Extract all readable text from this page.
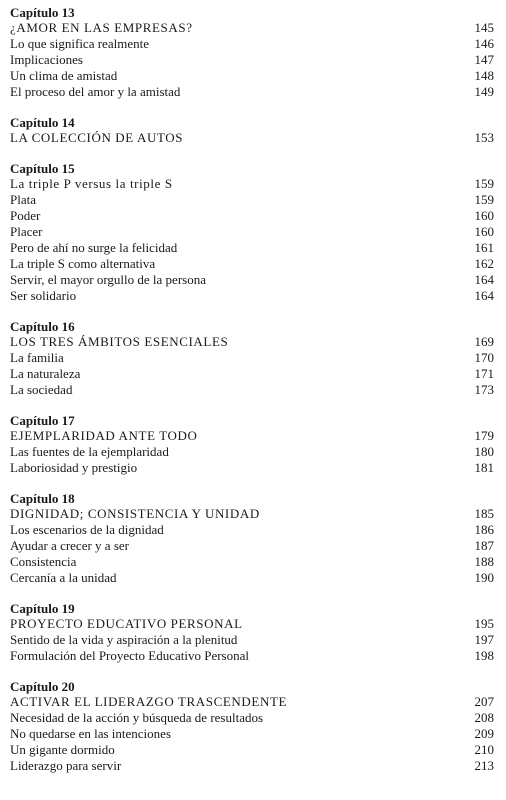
Capítulo 13
¿AMOR EN LAS EMPRESAS?	145
Lo que significa realmente	146
Implicaciones	147
Un clima de amistad	148
El proceso del amor y la amistad	149
Capítulo 14
LA COLECCIÓN DE AUTOS	153
Capítulo 15
La triple P versus la triple S	159
Plata	159
Poder	160
Placer	160
Pero de ahí no surge la felicidad	161
La triple S como alternativa	162
Servir, el mayor orgullo de la persona	164
Ser solidario	164
Capítulo 16
LOS TRES ÁMBITOS ESENCIALES	169
La familia	170
La naturaleza	171
La sociedad	173
Capítulo 17
EJEMPLARIDAD ANTE TODO	179
Las fuentes de la ejemplaridad	180
Laboriosidad y prestigio	181
Capítulo 18
DIGNIDAD; CONSISTENCIA Y UNIDAD	185
Los escenarios de la dignidad	186
Ayudar a crecer y a ser	187
Consistencia	188
Cercanía a la unidad	190
Capítulo 19
PROYECTO EDUCATIVO PERSONAL	195
Sentido de la vida y aspiración a la plenitud	197
Formulación del Proyecto Educativo Personal	198
Capítulo 20
ACTIVAR EL LIDERAZGO TRASCENDENTE	207
Necesidad de la acción y búsqueda de resultados	208
No quedarse en las intenciones	209
Un gigante dormido	210
Liderazgo para servir	213
